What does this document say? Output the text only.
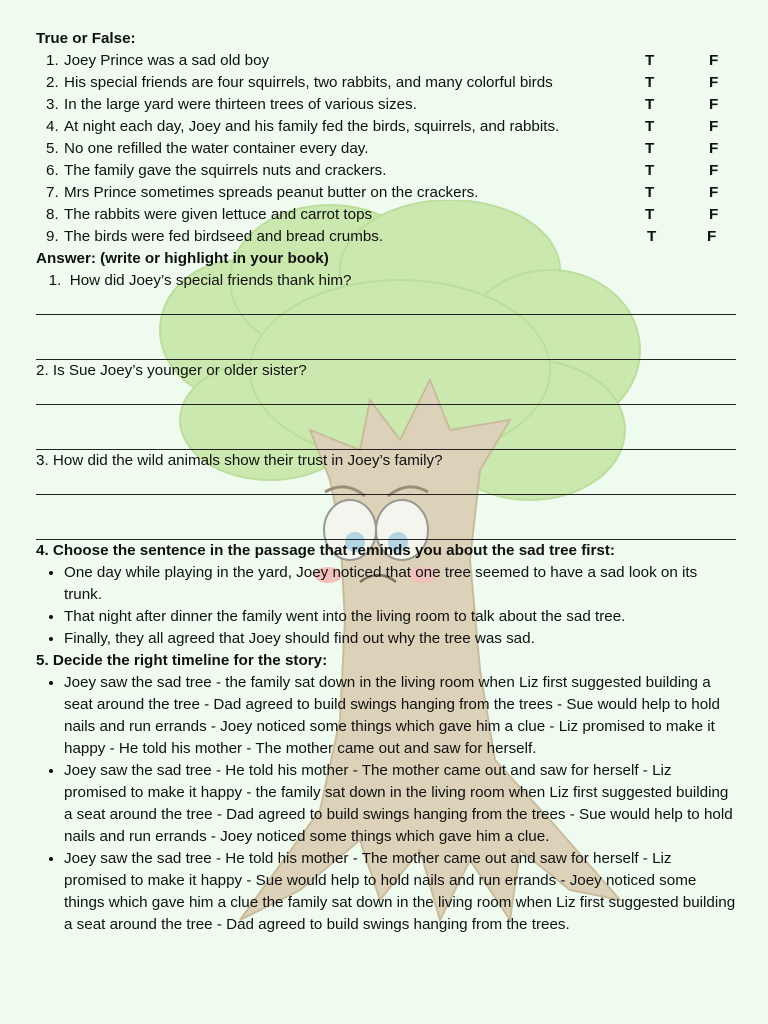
True or False:
1. Joey Prince was a sad old boy	T	F
2. His special friends are four squirrels, two rabbits, and many colorful birds	T	F
3. In the large yard were thirteen trees of various sizes.	T	F
4. At night each day, Joey and his family fed the birds, squirrels, and rabbits.	T	F
5. No one refilled the water container every day.	T	F
6. The family gave the squirrels nuts and crackers.	T	F
7. Mrs Prince sometimes spreads peanut butter on the crackers.	T	F
8. The rabbits were given lettuce and carrot tops	T	F
9. The birds were fed birdseed and bread crumbs.	T	F
Answer: (write or highlight in your book)
1.  How did Joey’s special friends thank him?
2. Is Sue Joey’s younger or older sister?
3. How did the wild animals show their trust in Joey’s family?
4. Choose the sentence in the passage that reminds you about the sad tree first:
• One day while playing in the yard, Joey noticed that one tree seemed to have a sad look on its trunk.
• That night after dinner the family went into the living room to talk about the sad tree.
• Finally, they all agreed that Joey should find out why the tree was sad.
5. Decide the right timeline for the story:
• Joey saw the sad tree - the family sat down in the living room when Liz first suggested building a seat around the tree - Dad agreed to build swings hanging from the trees - Sue would help to hold nails and run errands - Joey noticed some things which gave him a clue - Liz promised to make it happy - He told his mother - The mother came out and saw for herself.
• Joey saw the sad tree - He told his mother - The mother came out and saw for herself - Liz promised to make it happy - the family sat down in the living room when Liz first suggested building a seat around the tree - Dad agreed to build swings hanging from the trees - Sue would help to hold nails and run errands - Joey noticed some things which gave him a clue.
• Joey saw the sad tree - He told his mother - The mother came out and saw for herself - Liz promised to make it happy - Sue would help to hold nails and run errands - Joey noticed some things which gave him a clue the family sat down in the living room when Liz first suggested building a seat around the tree - Dad agreed to build swings hanging from the trees.
